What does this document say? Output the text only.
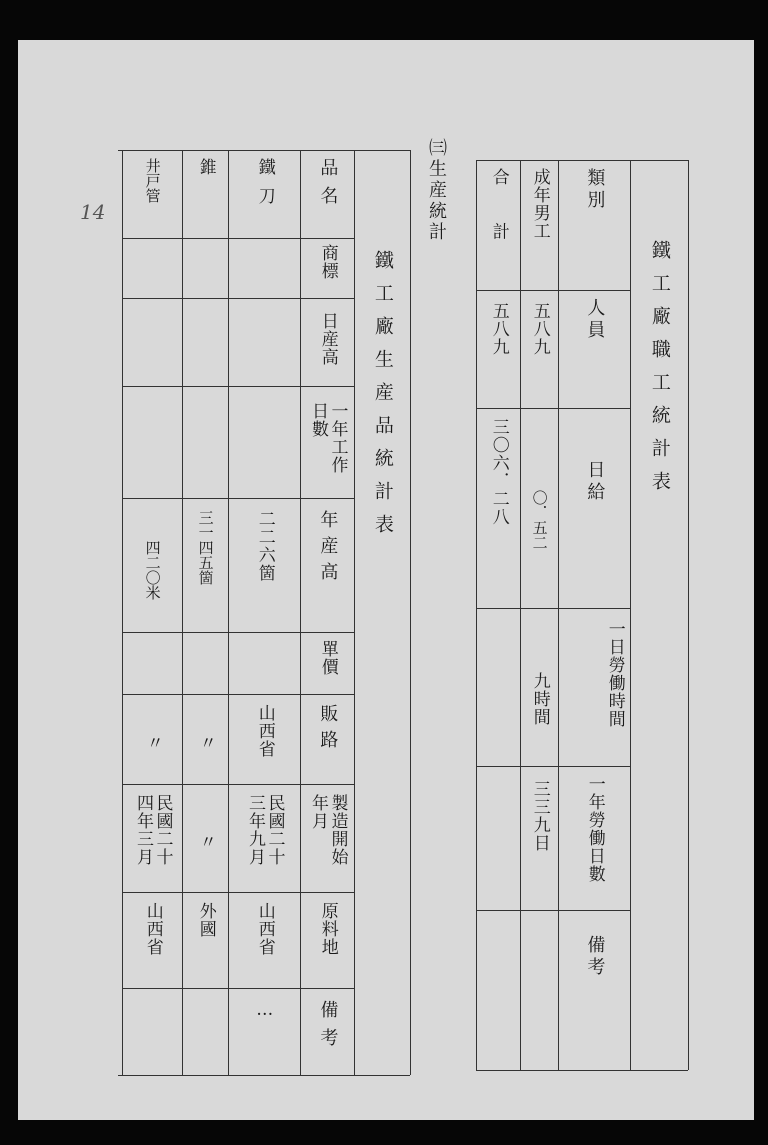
14
鐵工廠職工統計表
類別
人員
日給
一日勞働時間
一年勞働日數
備考
成年男工
五八九
〇．五二
九時間
三三九日
合計
五八九
三〇六．二八
㈢生産統計
鐵工廠生産品統計表
品名
商標
日産高
一年工作日數
年産高
單價
販路
製造開始年月
原料地
備考
鐵刀
二二六箇
山西省
民國二十三年九月
山西省
…
錐
三一四五箇
〃
〃
外國
井戸管
四二〇米
〃
民國二十四年三月
山西省
